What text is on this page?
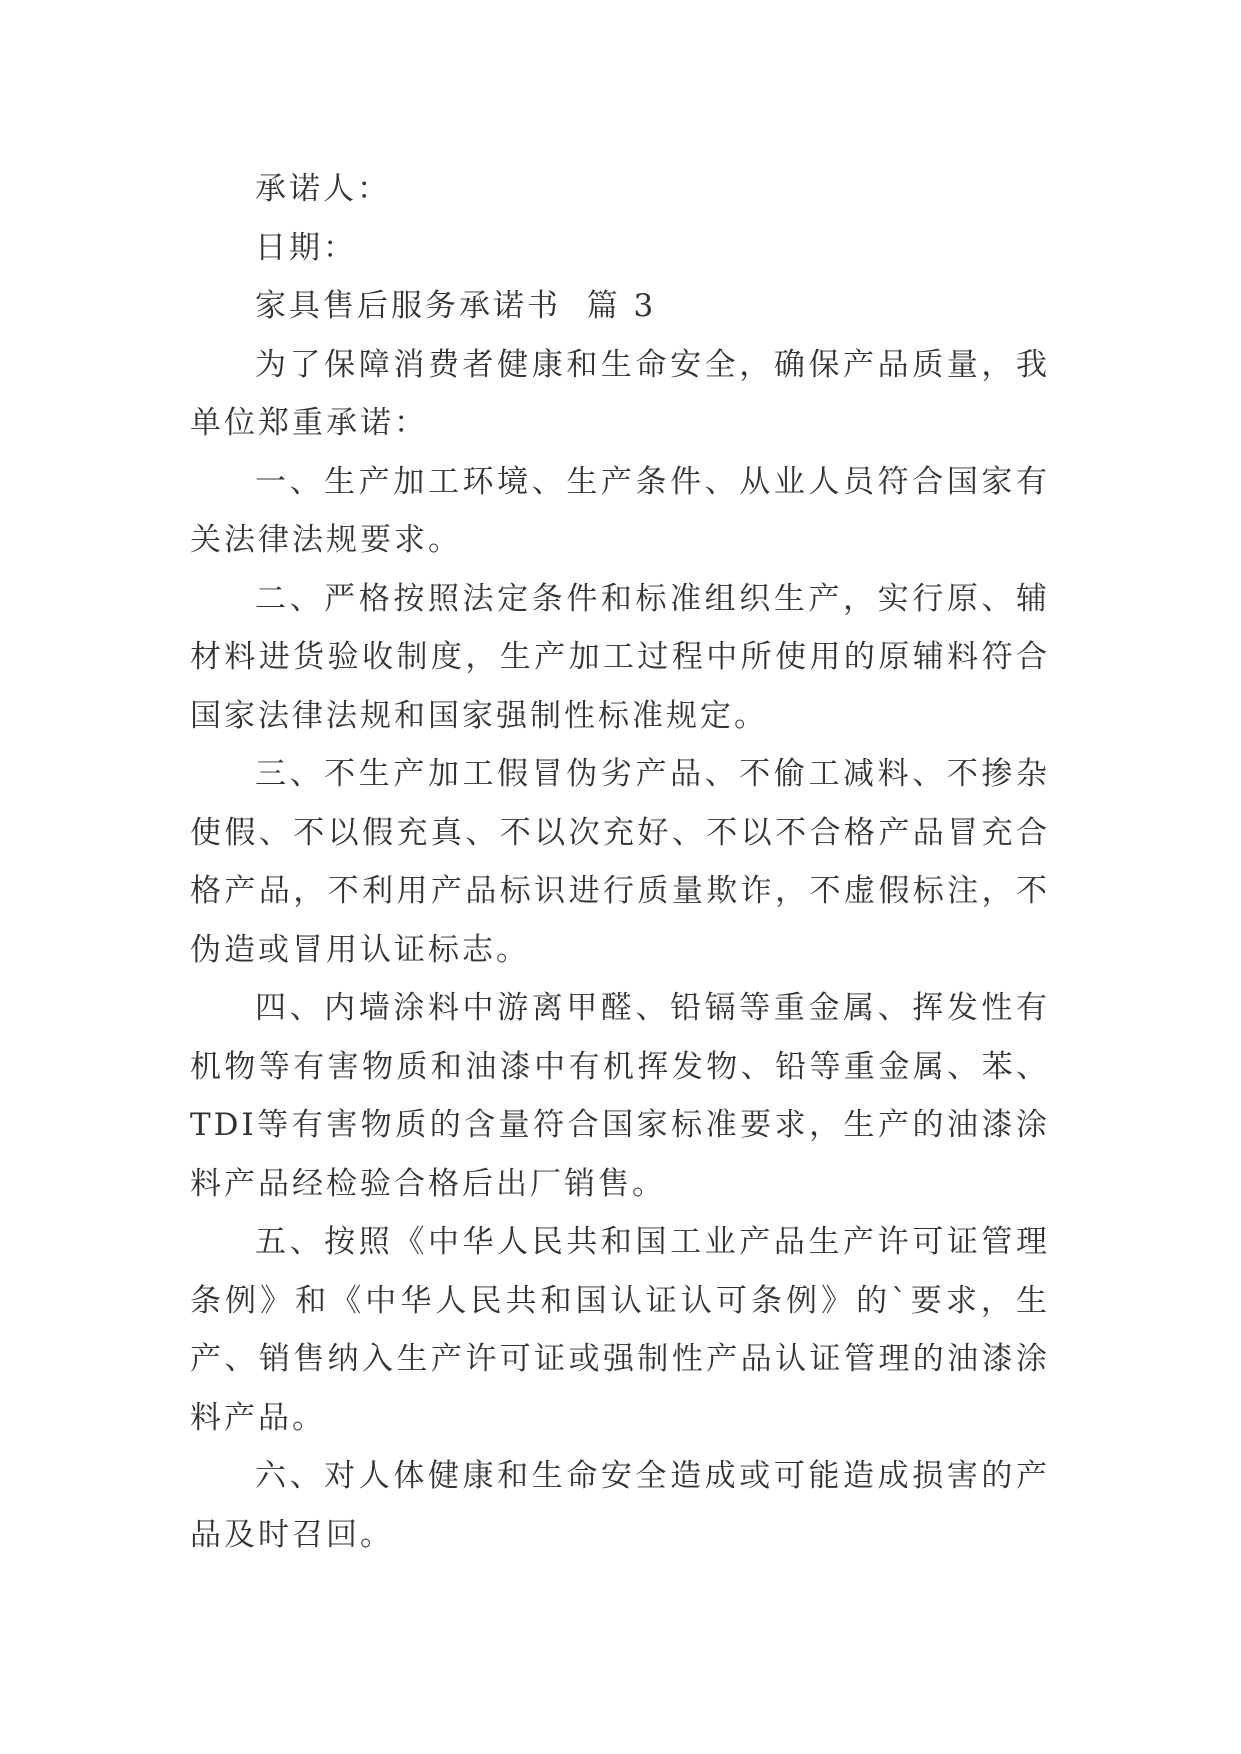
承诺人：

日期：

家具售后服务承诺书  篇 3

为了保障消费者健康和生命安全，确保产品质量，我单位郑重承诺：

一、生产加工环境、生产条件、从业人员符合国家有关法律法规要求。

二、严格按照法定条件和标准组织生产，实行原、辅材料进货验收制度，生产加工过程中所使用的原辅料符合国家法律法规和国家强制性标准规定。

三、不生产加工假冒伪劣产品、不偷工减料、不掺杂使假、不以假充真、不以次充好、不以不合格产品冒充合格产品，不利用产品标识进行质量欺诈，不虚假标注，不伪造或冒用认证标志。

四、内墙涂料中游离甲醛、铅镉等重金属、挥发性有机物等有害物质和油漆中有机挥发物、铅等重金属、苯、TDI等有害物质的含量符合国家标准要求，生产的油漆涂料产品经检验合格后出厂销售。

五、按照《中华人民共和国工业产品生产许可证管理条例》和《中华人民共和国认证认可条例》的`要求，生产、销售纳入生产许可证或强制性产品认证管理的油漆涂料产品。

六、对人体健康和生命安全造成或可能造成损害的产品及时召回。
